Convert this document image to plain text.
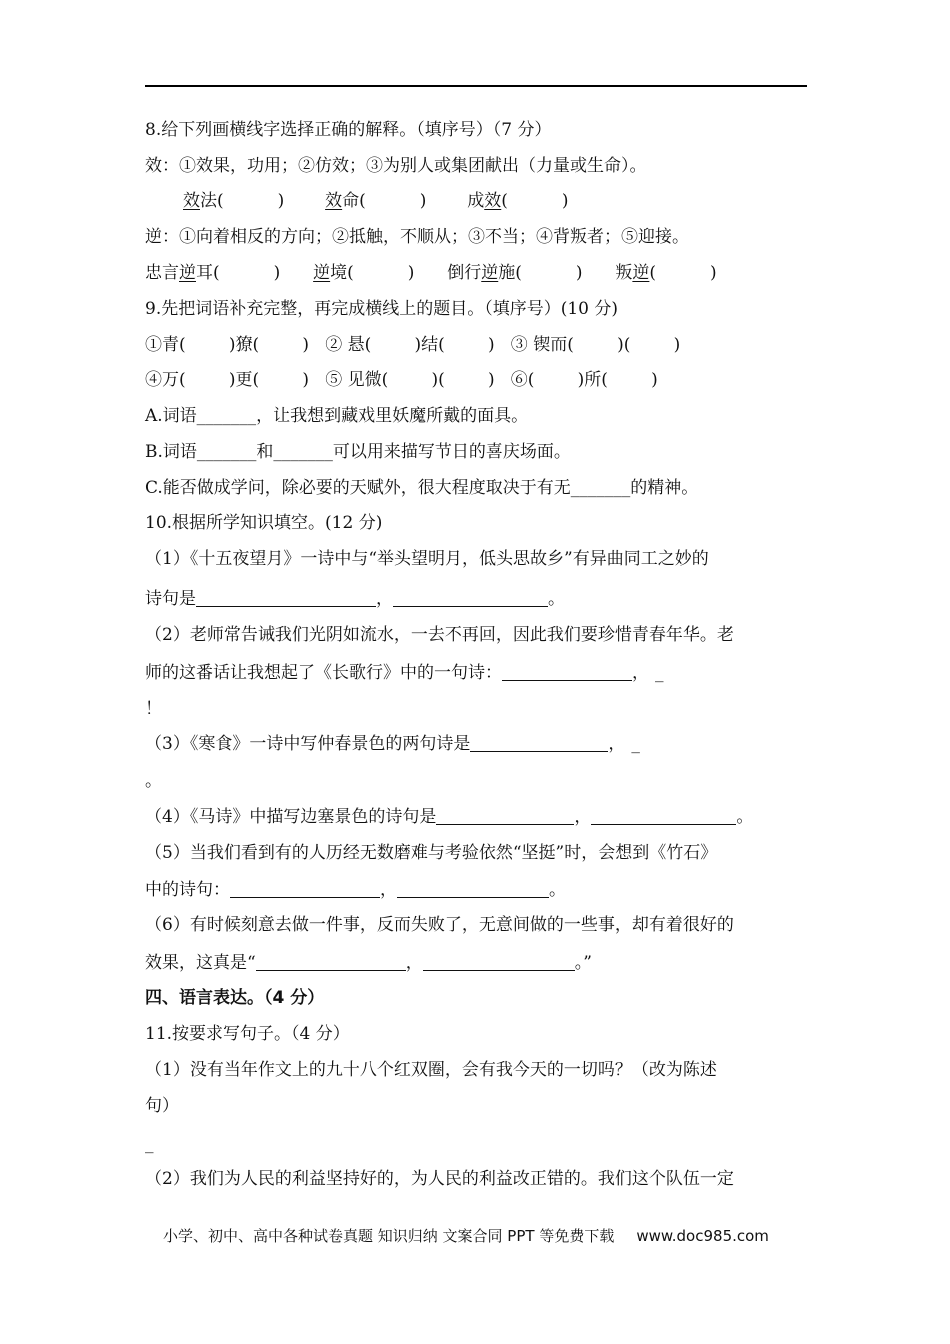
8.给下列画横线字选择正确的解释。（填序号）（7 分）
效：①效果，功用；②仿效；③为别人或集团献出（力量或生命）。
效法(          ) 效命(          ) 成效(          )
逆：①向着相反的方向；②抵触，不顺从；③不当；④背叛者；⑤迎接。
忠言逆耳(          ) 逆境(          ) 倒行逆施(          ) 叛逆(          )
9.先把词语补充完整，再完成横线上的题目。（填序号）(10 分)
①青(        )獠(        )   ② 悬(        )结(        )   ③ 锲而(        )(        )
④万(        )更(        )   ⑤ 见微(        )(        )   ⑥(        )所(        )
A.词语_______，让我想到藏戏里妖魔所戴的面具。
B.词语_______和_______可以用来描写节日的喜庆场面。
C.能否做成学问，除必要的天赋外，很大程度取决于有无_______的精神。
10.根据所学知识填空。(12 分)
（1）《十五夜望月》一诗中与“举头望明月，低头思故乡”有异曲同工之妙的
诗句是	，	。
（2）老师常告诫我们光阴如流水，一去不再回，因此我们要珍惜青春年华。老
师的这番话让我想起了《长歌行》中的一句诗：	， _
！
（3）《寒食》一诗中写仲春景色的两句诗是	， _
。
（4）《马诗》中描写边塞景色的诗句是	，	。
（5）当我们看到有的人历经无数磨难与考验依然“坚挺”时，会想到《竹石》
中的诗句：	，	。
（6）有时候刻意去做一件事，反而失败了，无意间做的一些事，却有着很好的
效果，这真是“	，	。”
四、语言表达。（4 分）
11.按要求写句子。（4 分）
（1）没有当年作文上的九十八个红双圈，会有我今天的一切吗？（改为陈述
句）
_
（2）我们为人民的利益坚持好的，为人民的利益改正错的。我们这个队伍一定
小学、初中、高中各种试卷真题 知识归纳 文案合同 PPT 等免费下载 www.doc985.com
